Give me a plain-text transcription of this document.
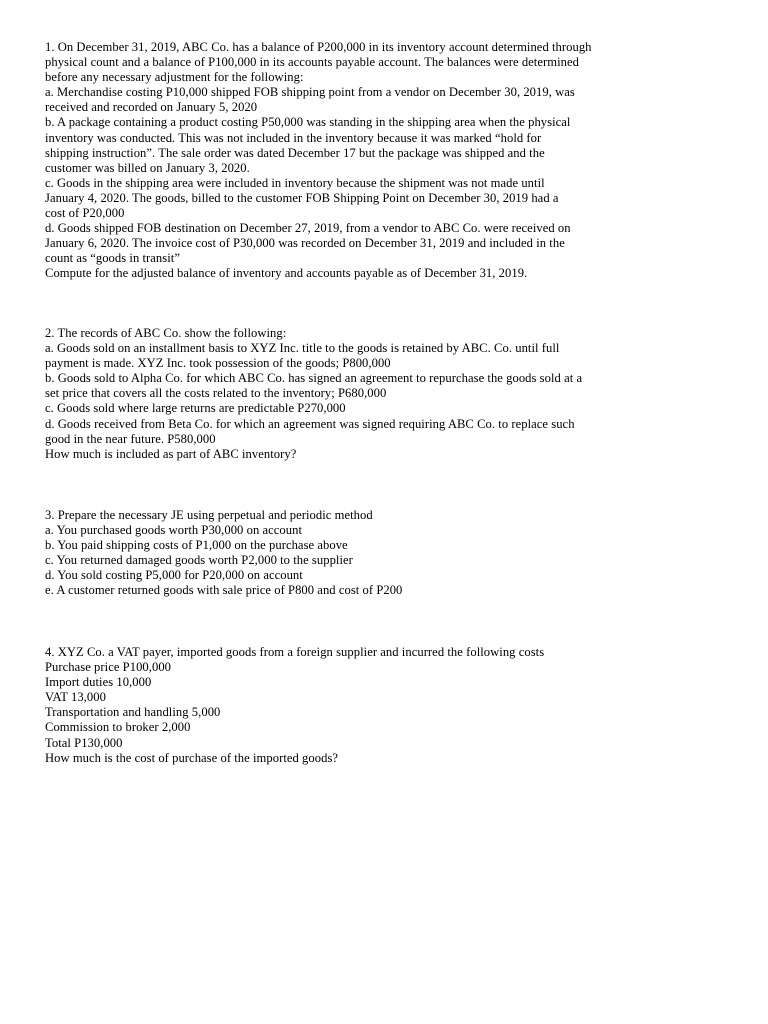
1. On December 31, 2019, ABC Co. has a balance of P200,000 in its inventory account determined through
physical count and a balance of P100,000 in its accounts payable account. The balances were determined
before any necessary adjustment for the following:
a. Merchandise costing P10,000 shipped FOB shipping point from a vendor on December 30, 2019, was
received and recorded on January 5, 2020
b. A package containing a product costing P50,000 was standing in the shipping area when the physical
inventory was conducted. This was not included in the inventory because it was marked “hold for
shipping instruction”. The sale order was dated December 17 but the package was shipped and the
customer was billed on January 3, 2020.
c. Goods in the shipping area were included in inventory because the shipment was not made until
January 4, 2020. The goods, billed to the customer FOB Shipping Point on December 30, 2019 had a
cost of P20,000
d. Goods shipped FOB destination on December 27, 2019, from a vendor to ABC Co. were received on
January 6, 2020. The invoice cost of P30,000 was recorded on December 31, 2019 and included in the
count as “goods in transit”
Compute for the adjusted balance of inventory and accounts payable as of December 31, 2019.
2. The records of ABC Co. show the following:
a. Goods sold on an installment basis to XYZ Inc. title to the goods is retained by ABC. Co. until full
payment is made. XYZ Inc. took possession of the goods; P800,000
b. Goods sold to Alpha Co. for which ABC Co. has signed an agreement to repurchase the goods sold at a
set price that covers all the costs related to the inventory; P680,000
c. Goods sold where large returns are predictable P270,000
d. Goods received from Beta Co. for which an agreement was signed requiring ABC Co. to replace such
good in the near future. P580,000
How much is included as part of ABC inventory?
3. Prepare the necessary JE using perpetual and periodic method
a. You purchased goods worth P30,000 on account
b. You paid shipping costs of P1,000 on the purchase above
c. You returned damaged goods worth P2,000 to the supplier
d. You sold costing P5,000 for P20,000 on account
e. A customer returned goods with sale price of P800 and cost of P200
4. XYZ Co. a VAT payer, imported goods from a foreign supplier and incurred the following costs
Purchase price P100,000
Import duties 10,000
VAT 13,000
Transportation and handling 5,000
Commission to broker 2,000
Total P130,000
How much is the cost of purchase of the imported goods?
